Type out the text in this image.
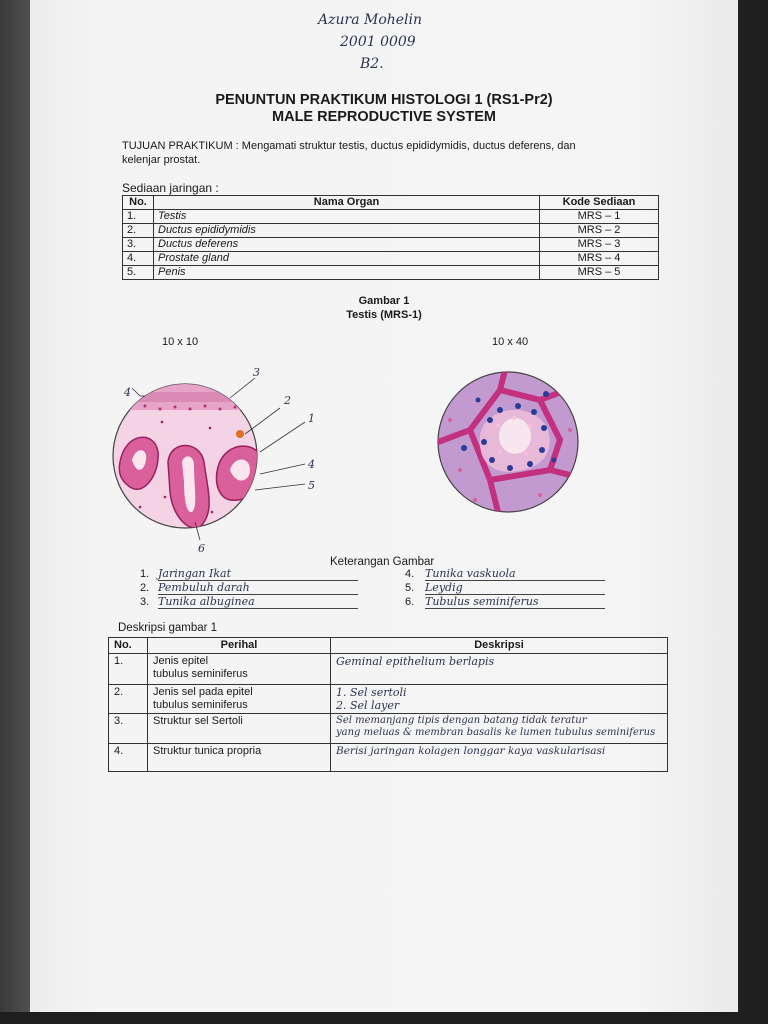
Azura Mohelin
2001 0009
B2.
PENUNTUN PRAKTIKUM HISTOLOGI 1 (RS1-Pr2)
MALE REPRODUCTIVE SYSTEM
TUJUAN PRAKTIKUM : Mengamati struktur testis, ductus epididymidis, ductus deferens, dan
kelenjar prostat.
Sediaan jaringan :
No.	Nama Organ	Kode Sediaan
1.	Testis	MRS – 1
2.	Ductus epididymidis	MRS – 2
3.	Ductus deferens	MRS – 3
4.	Prostate gland	MRS – 4
5.	Penis	MRS – 5
Gambar 1
Testis (MRS-1)
10 x 10	10 x 40
4
3
2
1
4
5
6
Keterangan Gambar
1. Jaringan Ikat
2. Pembuluh darah
3. Tunika albuginea
4. Tunika vaskuola
5. Leydig
6. Tubulus seminiferus
Deskripsi gambar 1
No.	Perihal	Deskripsi
1.	Jenis epitel
tubulus seminiferus	Geminal epithelium berlapis
2.	Jenis sel pada epitel
tubulus seminiferus	1. Sel sertoli
2. Sel layer
3.	Struktur sel Sertoli	Sel memanjang tipis dengan batang tidak teratur
yang meluas & membran basalis ke lumen tubulus seminiferus
4.	Struktur tunica propria	Berisi jaringan kolagen longgar kaya vaskularisasi
